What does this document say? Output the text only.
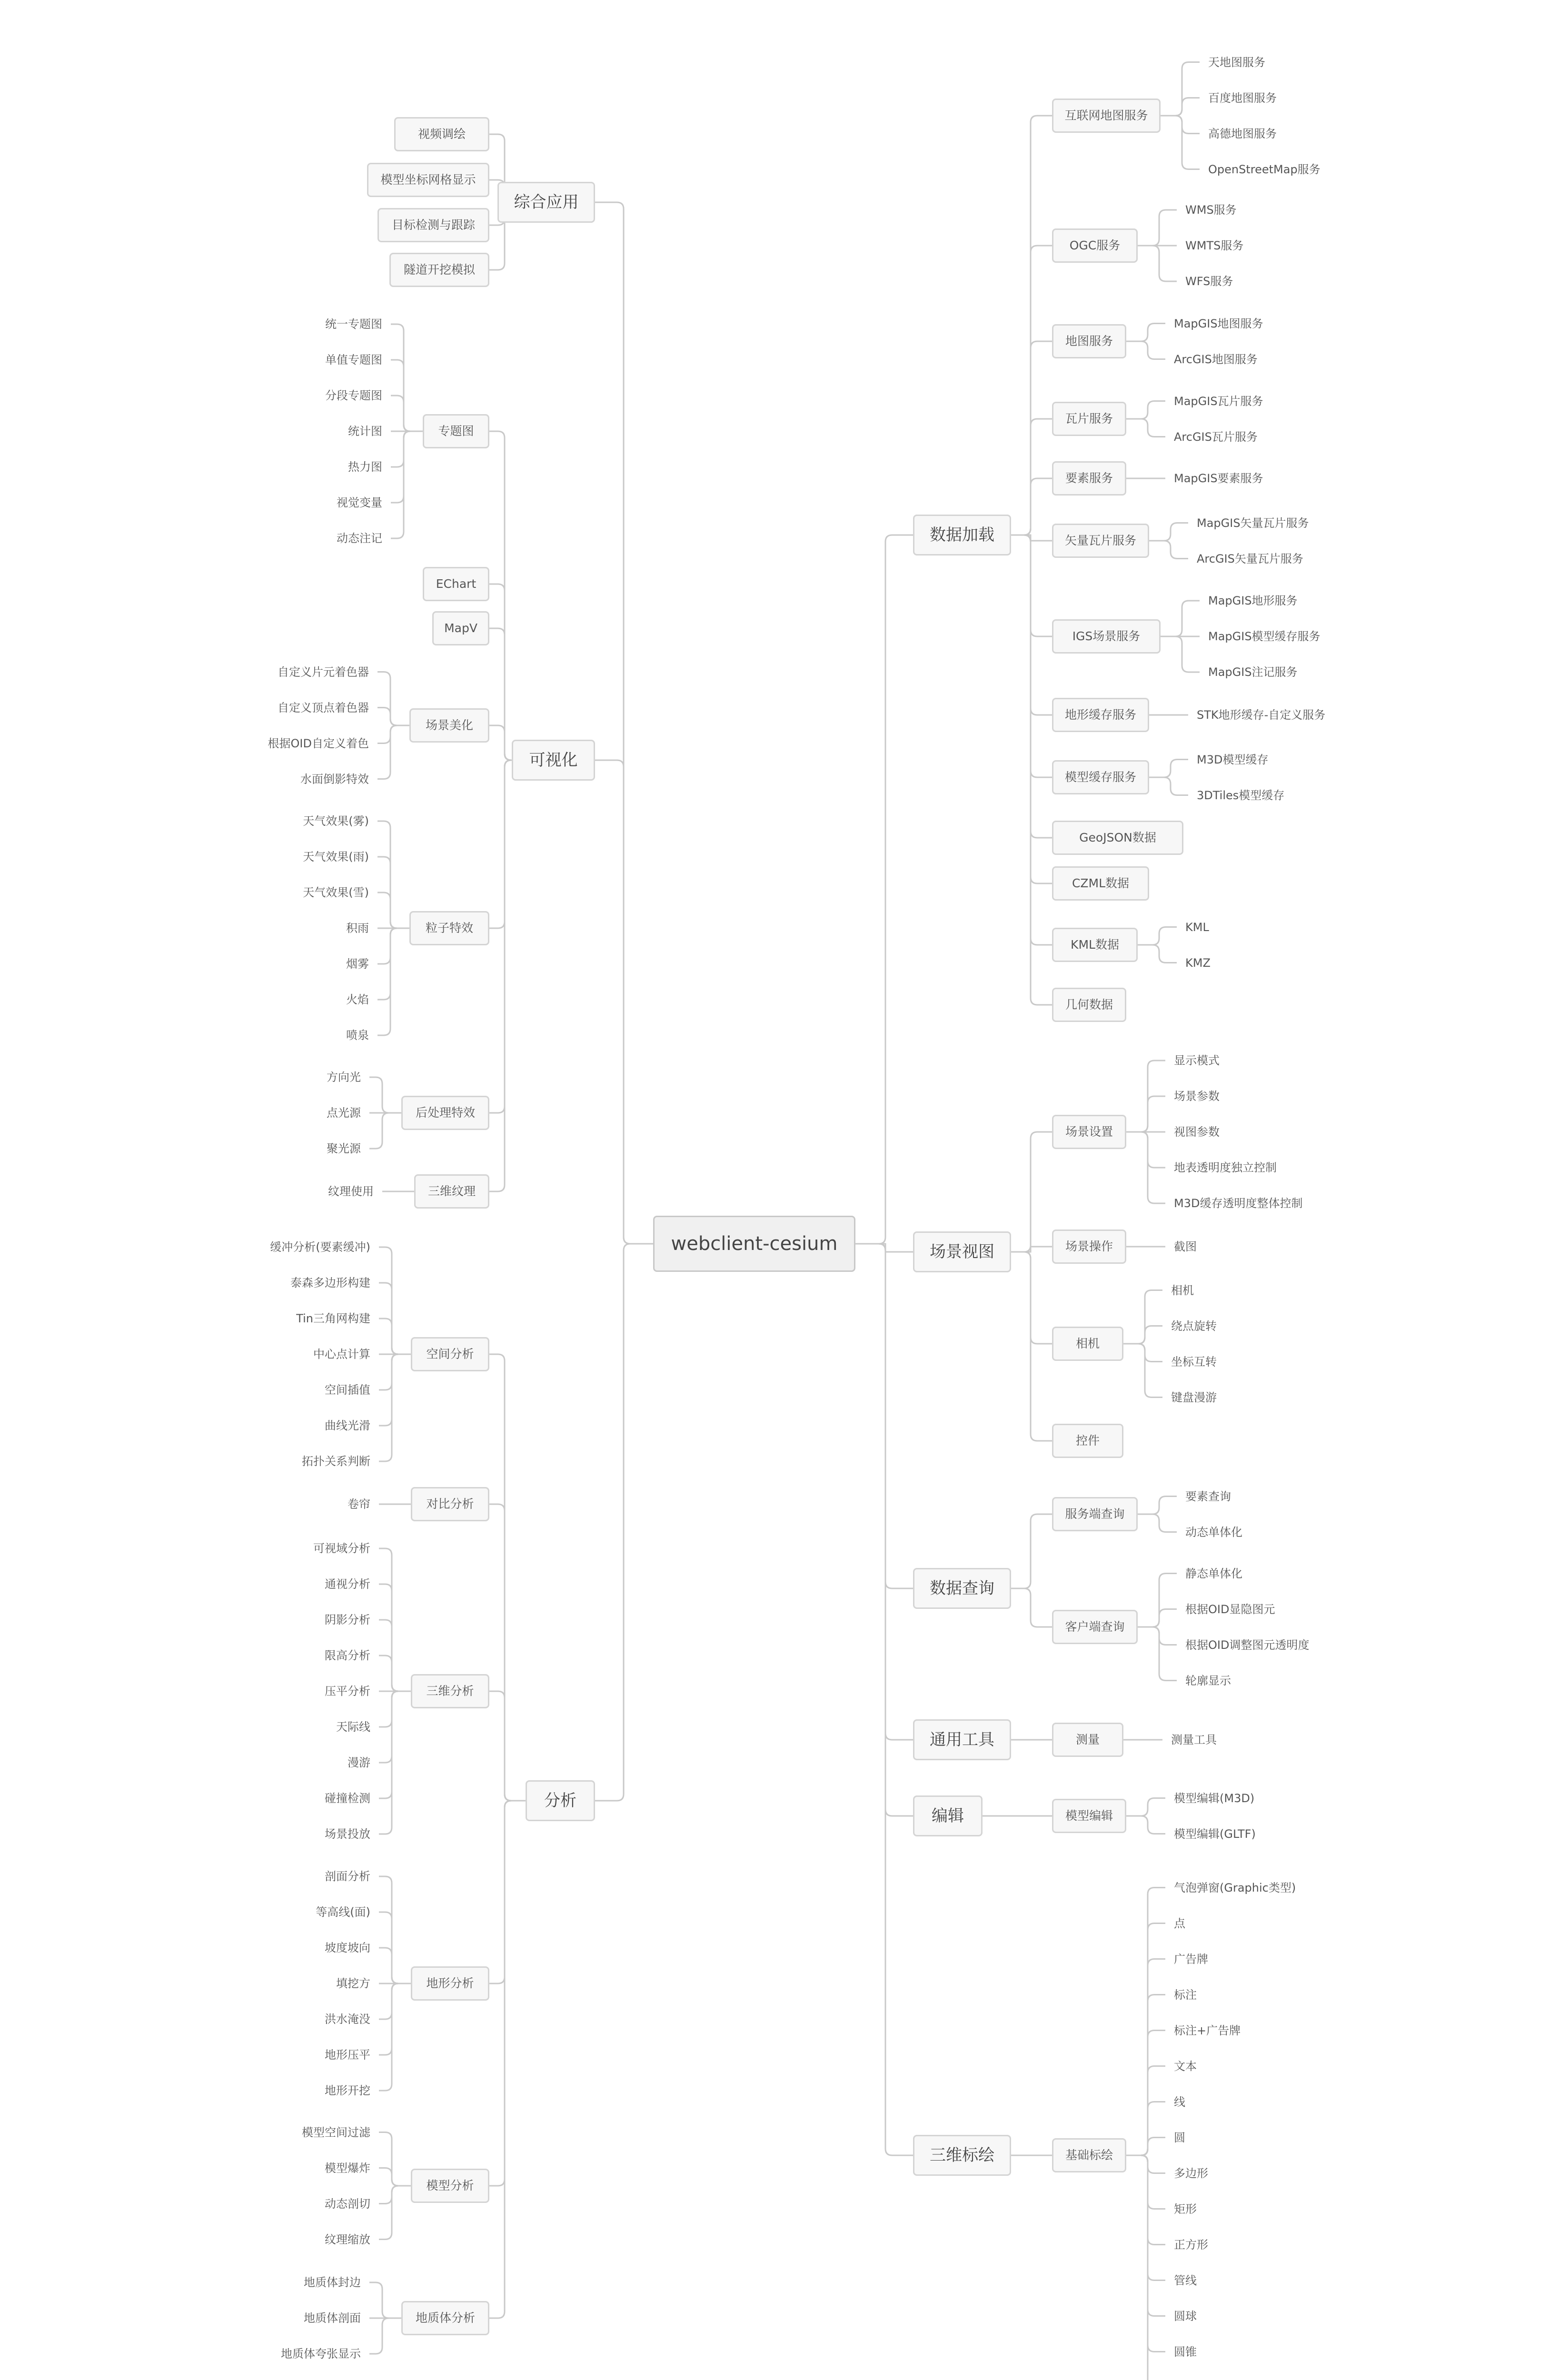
webclient-cesium
数据加载
互联网地图服务
天地图服务
百度地图服务
高德地图服务
OpenStreetMap服务
OGC服务
WMS服务
WMTS服务
WFS服务
地图服务
MapGIS地图服务
ArcGIS地图服务
瓦片服务
MapGIS瓦片服务
ArcGIS瓦片服务
要素服务	MapGIS要素服务
矢量瓦片服务
MapGIS矢量瓦片服务
ArcGIS矢量瓦片服务
IGS场景服务
MapGIS地形服务
MapGIS模型缓存服务
MapGIS注记服务
地形缓存服务	STK地形缓存-自定义服务
模型缓存服务
M3D模型缓存
3DTiles模型缓存
GeoJSON数据
CZML数据
KML数据
KML
KMZ
几何数据
场景视图
场景设置
显示模式
场景参数
视图参数
地表透明度独立控制
M3D缓存透明度整体控制
场景操作	截图
相机
相机
绕点旋转
坐标互转
键盘漫游
控件
数据查询
服务端查询
要素查询
动态单体化
客户端查询
静态单体化
根据OID显隐图元
根据OID调整图元透明度
轮廓显示
通用工具	测量	测量工具
编辑	模型编辑
模型编辑(M3D)
模型编辑(GLTF)
三维标绘	基础标绘
气泡弹窗(Graphic类型)
点
广告牌
标注
标注+广告牌
文本
线
圆
多边形
矩形
正方形
管线
圆球
圆锥
综合应用
视频调绘
模型坐标网格显示
目标检测与跟踪
隧道开挖模拟
可视化
专题图
统一专题图
单值专题图
分段专题图
统计图
热力图
视觉变量
动态注记
EChart
MapV
场景美化
自定义片元着色器
自定义顶点着色器
根据OID自定义着色
水面倒影特效
粒子特效
天气效果(雾)
天气效果(雨)
天气效果(雪)
积雨
烟雾
火焰
喷泉
后处理特效
方向光
点光源
聚光源
三维纹理
纹理使用
分析
空间分析
缓冲分析(要素缓冲)
泰森多边形构建
Tin三角网构建
中心点计算
空间插值
曲线光滑
拓扑关系判断
对比分析
卷帘
三维分析
可视域分析
通视分析
阴影分析
限高分析
压平分析
天际线
漫游
碰撞检测
场景投放
地形分析
剖面分析
等高线(面)
坡度坡向
填挖方
洪水淹没
地形压平
地形开挖
模型分析
模型空间过滤
模型爆炸
动态剖切
纹理缩放
地质体分析
地质体封边
地质体剖面
地质体夸张显示
